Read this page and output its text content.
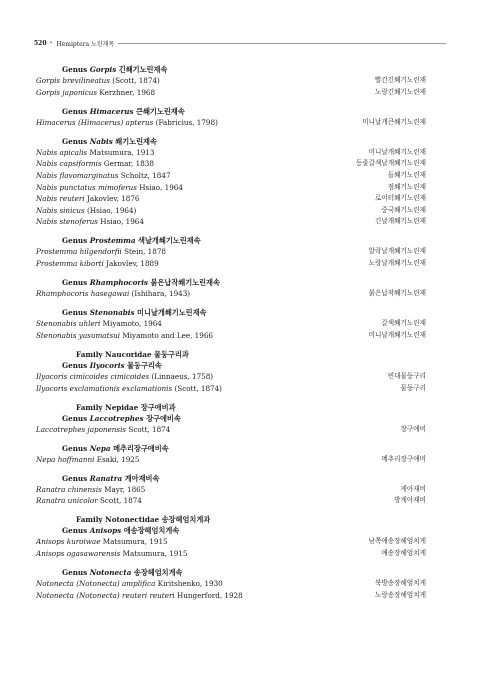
520 • Hemiptera 노린재목
Genus Gorpis 긴쐐기노린재속
Gorpis brevilineatus (Scott, 1874)	빨간긴쐐기노린재
Gorpis japonicus Kerzhner, 1968	노랑긴쐐기노린재
Genus Himacerus 큰쐐기노린재속
Himacerus (Himacerus) apterus (Fabricius, 1798)	미니날개큰쐐기노린재
Genus Nabis 쐐기노린재속
Nabis apicalis Matsumura, 1913	미니날개쐐기노린재
Nabis capsiformis Germar, 1838	등줄갈색날개쐐기노린재
Nabis flavomarginatus Scholtz, 1847	들쐐기노린재
Nabis punctatus mimoferus Hsiao, 1964	점쐐기노린재
Nabis reuteri Jakovlev, 1876	로이터쐐기노린재
Nabis sinicus (Hsiao, 1964)	중국쐐기노린재
Nabis stenoferus Hsiao, 1964	긴날개쐐기노린재
Genus Prostemma 색날개쐐기노린재속
Prostemma hilgendorfii Stein, 1878	알락날개쐐기노린재
Prostemma kiborti Jakovlev, 1889	노랑날개쐐기노린재
Genus Rhamphocoris 붉은납작쐐기노린재속
Rhamphocoris hasegawai (Ishihara, 1943)	붉은납작쐐기노린재
Genus Stenonabis 미니날개쐐기노린재속
Stenonabis uhleri Miyamoto, 1964	갈색쐐기노린재
Stenonabis yasumatsui Miyamoto and Lee, 1966	미니날개쐐기노린재
Family Naucoridae 물둥구리과
Genus Ilyocoris 물둥구리속
Ilyocoris cimicoides cimicoides (Linnaeus, 1758)	빈대물둥구리
Ilyocoris exclamationis exclamationis (Scott, 1874)	물둥구리
Family Nepidae 장구애비과
Genus Laccotrephes 장구애비속
Laccotrephes japonensis Scott, 1874	장구애비
Genus Nepa 메추리장구애비속
Nepa hoffmanni Esaki, 1925	메추리장구애비
Genus Ranatra 게아재비속
Ranatra chinensis Mayr, 1865	게아재비
Ranatra unicolor Scott, 1874	방게아재비
Family Notonectidae 송장헤엄치게과
Genus Anisops 애송장헤엄치게속
Anisops kuroiwae Matsumura, 1915	남쪽애송장헤엄치게
Anisops ogasawarensis Matsumura, 1915	애송장헤엄치게
Genus Notonecta 송장헤엄치게속
Notonecta (Notonecta) amplifica Kiritshenko, 1930	북방송장헤엄치게
Notonecta (Notonecta) reuteri reuteri Hungerford, 1928	노랑송장헤엄치게
